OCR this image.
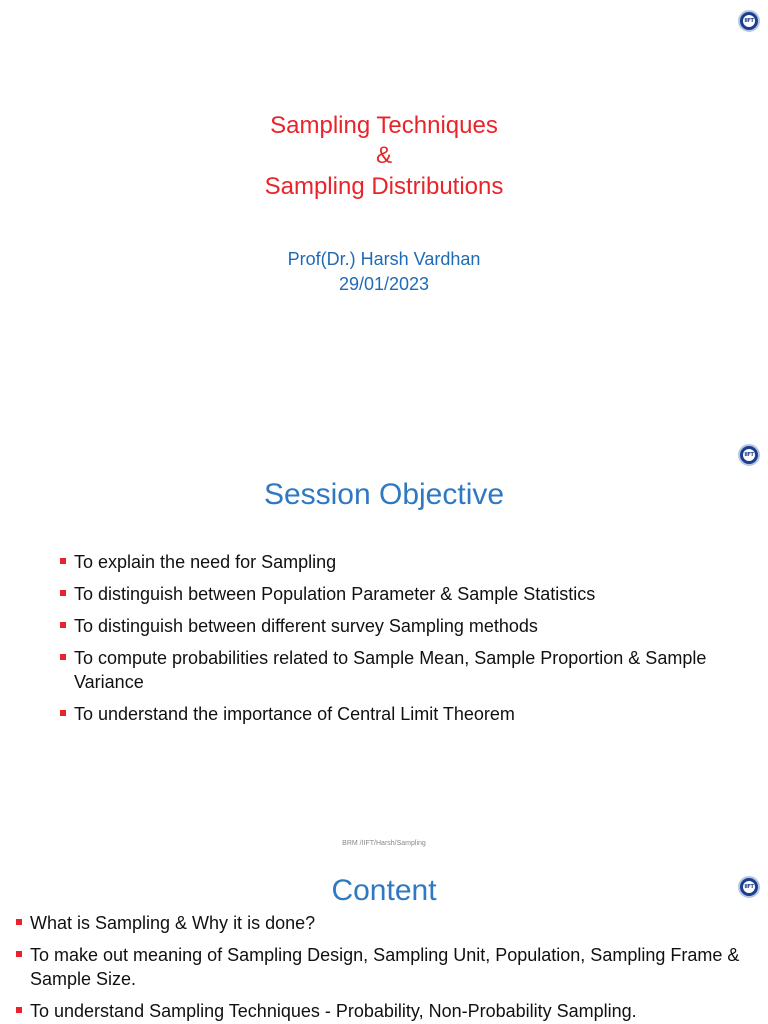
IIFT
Sampling Techniques
&
Sampling Distributions
Prof(Dr.) Harsh Vardhan
29/01/2023
IIFT
Session Objective
To explain the need for Sampling
To distinguish between Population Parameter & Sample Statistics
To distinguish between different survey Sampling methods
To compute probabilities related to Sample Mean, Sample Proportion & Sample Variance
To understand the importance of Central Limit Theorem
BRM /IIFT/Harsh/Sampling
IIFT
Content
What is Sampling & Why it is done?
To make out meaning of Sampling Design, Sampling Unit, Population, Sampling Frame & Sample Size.
To understand Sampling Techniques - Probability, Non-Probability Sampling.
